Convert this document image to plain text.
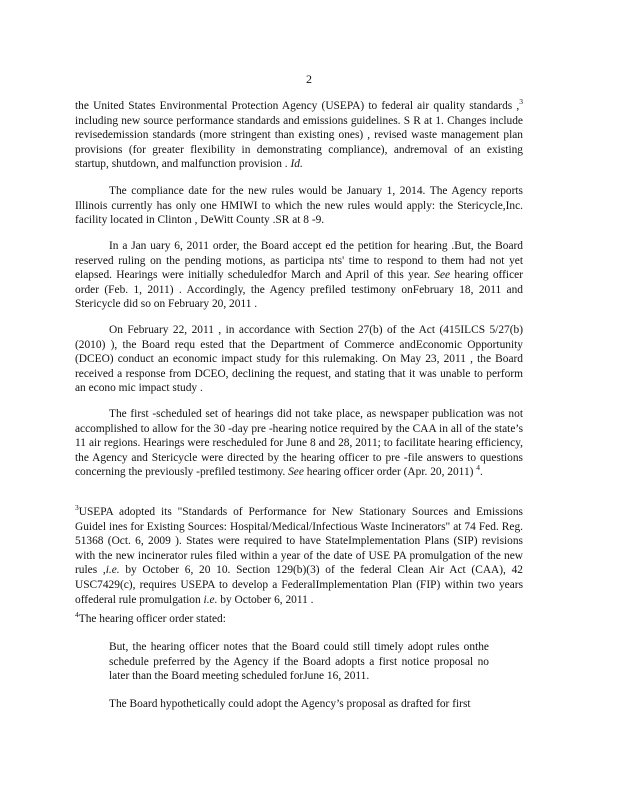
2

the United States Environmental Protection Agency (USEPA) to federal air quality standards ,$^3$ including new source performance standards and emissions guidelines. S R at 1. Changes include revisedemission standards (more stringent than existing ones) , revised waste management plan provisions (for greater flexibility in demonstrating compliance), andremoval of an existing startup, shutdown, and malfunction provision . Id.

The compliance date for the new rules would be January 1, 2014. The Agency reports Illinois currently has only one HMIWI to which the new rules would apply: the Stericycle,Inc. facility located in Clinton , DeWitt County .SR at 8 -9.

In a Jan uary 6, 2011 order, the Board accept ed the petition for hearing .But, the Board reserved ruling on the pending motions, as participa nts' time to respond to them had not yet elapsed. Hearings were initially scheduledfor March and April of this year. See hearing officer order (Feb. 1, 2011) . Accordingly, the Agency prefiled testimony onFebruary 18, 2011 and Stericycle did so on February 20, 2011 .

On February 22, 2011 , in accordance with Section 27(b) of the Act (415ILCS 5/27(b) (2010) ), the Board requ ested that the Department of Commerce andEconomic Opportunity (DCEO) conduct an economic impact study for this rulemaking. On May 23, 2011 , the Board received a response from DCEO, declining the request, and stating that it was unable to perform an econo mic impact study .

The first -scheduled set of hearings did not take place, as newspaper publication was not accomplished to allow for the 30 -day pre -hearing notice required by the CAA in all of the state’s 11 air regions. Hearings were rescheduled for June 8 and 28, 2011; to facilitate hearing efficiency, the Agency and Stericycle were directed by the hearing officer to pre -file answers to questions concerning the previously -prefiled testimony. See hearing officer order (Apr. 20, 2011) $^4$.

$^3$USEPA adopted its "Standards of Performance for New Stationary Sources and Emissions Guidel ines for Existing Sources: Hospital/Medical/Infectious Waste Incinerators" at 74 Fed. Reg. 51368 (Oct. 6, 2009 ). States were required to have StateImplementation Plans (SIP) revisions with the new incinerator rules filed within a year of the date of USE PA promulgation of the new rules ,i.e. by October 6, 20 10. Section 129(b)(3) of the federal Clean Air Act (CAA), 42 USC7429(c), requires USEPA to develop a FederalImplementation Plan (FIP) within two years offederal rule promulgation i.e. by October 6, 2011 .

$^4$The hearing officer order stated:

But, the hearing officer notes that the Board could still timely adopt rules onthe schedule preferred by the Agency if the Board adopts a first notice proposal no later than the Board meeting scheduled forJune 16, 2011.

The Board hypothetically could adopt the Agency’s proposal as drafted for first
